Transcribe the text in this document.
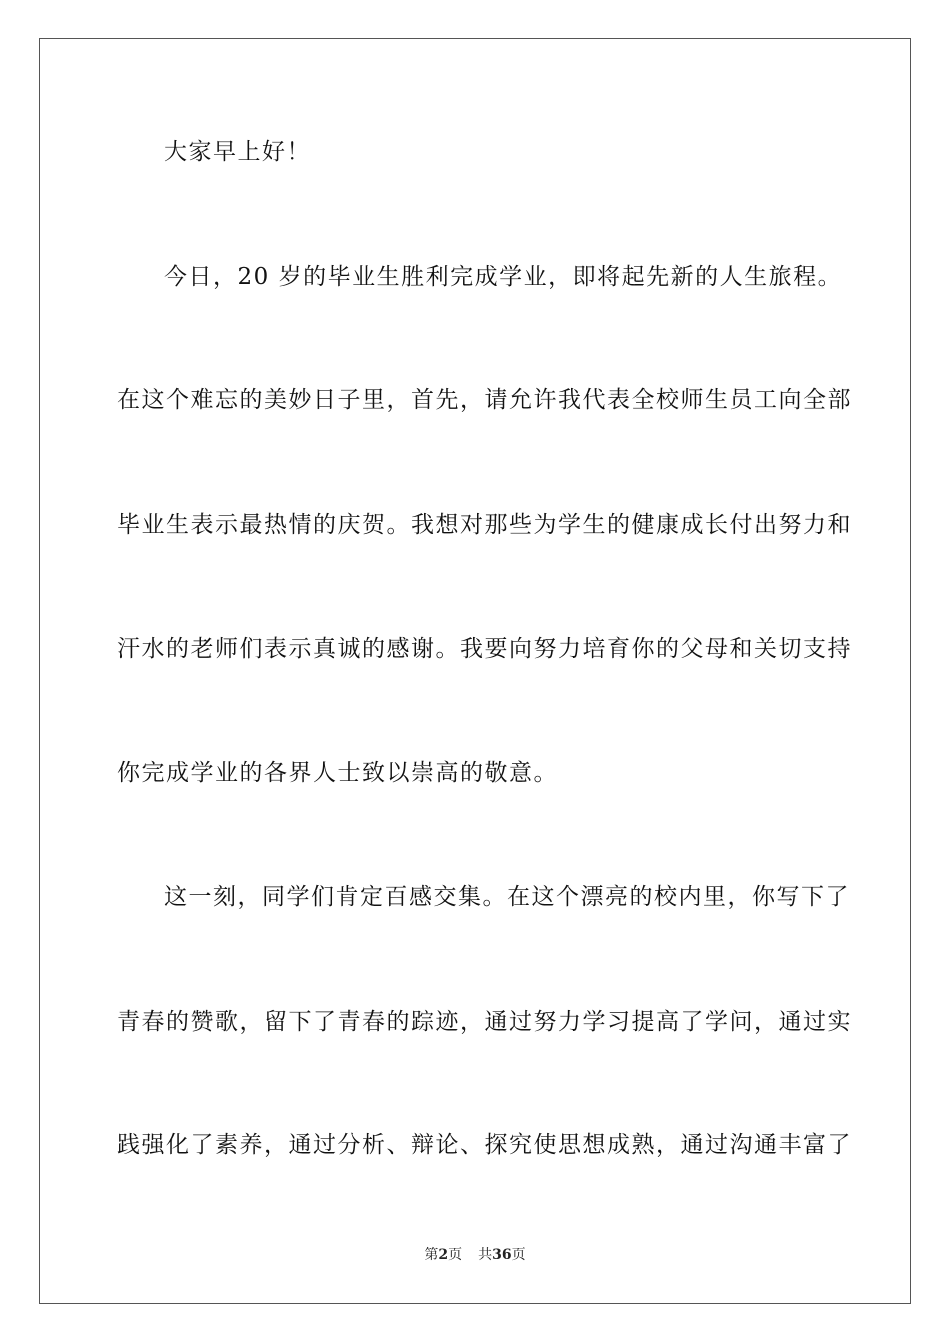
大家早上好！
今日，20 岁的毕业生胜利完成学业，即将起先新的人生旅程。
在这个难忘的美妙日子里，首先，请允许我代表全校师生员工向全部
毕业生表示最热情的庆贺。我想对那些为学生的健康成长付出努力和
汗水的老师们表示真诚的感谢。我要向努力培育你的父母和关切支持
你完成学业的各界人士致以崇高的敬意。
这一刻，同学们肯定百感交集。在这个漂亮的校内里，你写下了
青春的赞歌，留下了青春的踪迹，通过努力学习提高了学问，通过实
践强化了素养，通过分析、辩论、探究使思想成熟，通过沟通丰富了
第2页 共36页
